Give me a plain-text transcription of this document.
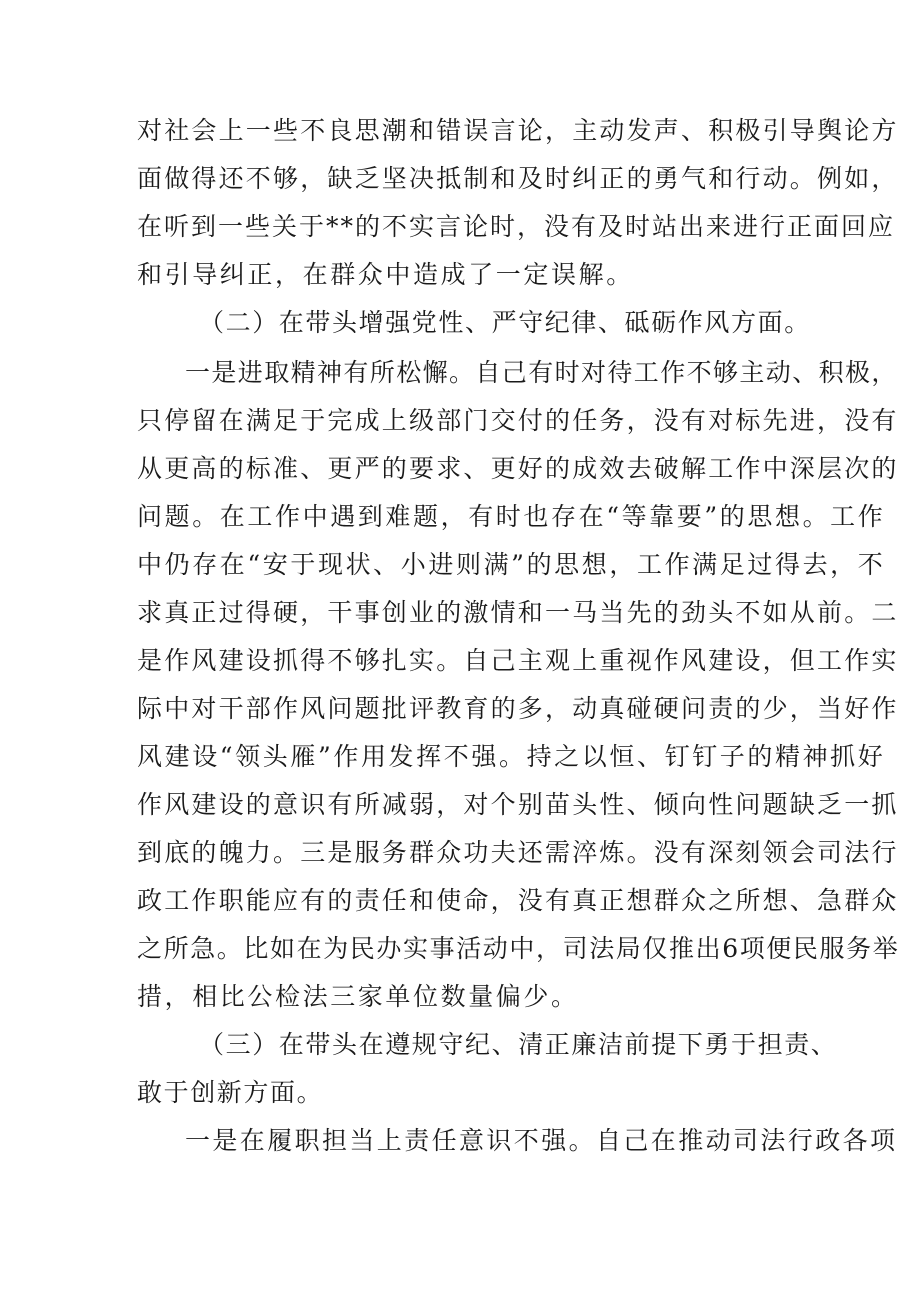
对社会上一些不良思潮和错误言论，主动发声、积极引导舆论方
面做得还不够，缺乏坚决抵制和及时纠正的勇气和行动。例如，
在听到一些关于**的不实言论时，没有及时站出来进行正面回应
和引导纠正，在群众中造成了一定误解。
（二）在带头增强党性、严守纪律、砥砺作风方面。
一是进取精神有所松懈。自己有时对待工作不够主动、积极，
只停留在满足于完成上级部门交付的任务，没有对标先进，没有
从更高的标准、更严的要求、更好的成效去破解工作中深层次的
问题。在工作中遇到难题，有时也存在“等靠要”的思想。工作
中仍存在“安于现状、小进则满”的思想，工作满足过得去，不
求真正过得硬，干事创业的激情和一马当先的劲头不如从前。二
是作风建设抓得不够扎实。自己主观上重视作风建设，但工作实
际中对干部作风问题批评教育的多，动真碰硬问责的少，当好作
风建设“领头雁”作用发挥不强。持之以恒、钉钉子的精神抓好
作风建设的意识有所减弱，对个别苗头性、倾向性问题缺乏一抓
到底的魄力。三是服务群众功夫还需淬炼。没有深刻领会司法行
政工作职能应有的责任和使命，没有真正想群众之所想、急群众
之所急。比如在为民办实事活动中，司法局仅推出6项便民服务举
措，相比公检法三家单位数量偏少。
（三）在带头在遵规守纪、清正廉洁前提下勇于担责、
敢于创新方面。
一是在履职担当上责任意识不强。自己在推动司法行政各项
